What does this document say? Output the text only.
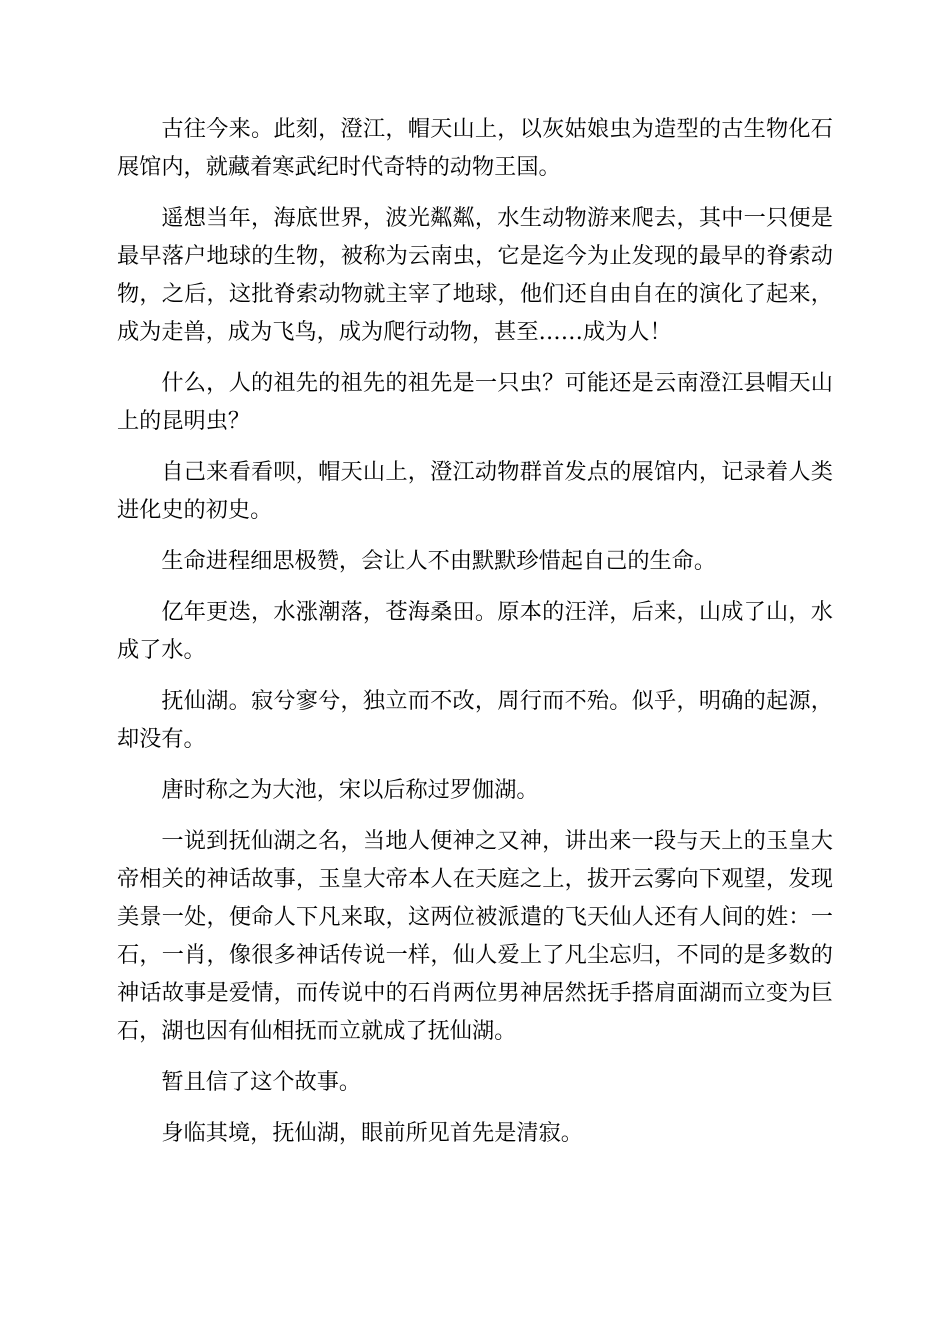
古往今来。此刻，澄江，帽天山上，以灰姑娘虫为造型的古生物化石展馆内，就藏着寒武纪时代奇特的动物王国。

遥想当年，海底世界，波光粼粼，水生动物游来爬去，其中一只便是最早落户地球的生物，被称为云南虫，它是迄今为止发现的最早的脊索动物，之后，这批脊索动物就主宰了地球，他们还自由自在的演化了起来，成为走兽，成为飞鸟，成为爬行动物，甚至……成为人！

什么，人的祖先的祖先的祖先是一只虫？可能还是云南澄江县帽天山上的昆明虫？

自己来看看呗，帽天山上，澄江动物群首发点的展馆内，记录着人类进化史的初史。

生命进程细思极赞，会让人不由默默珍惜起自己的生命。

亿年更迭，水涨潮落，苍海桑田。原本的汪洋，后来，山成了山，水成了水。

抚仙湖。寂兮寥兮，独立而不改，周行而不殆。似乎，明确的起源，却没有。

唐时称之为大池，宋以后称过罗伽湖。

一说到抚仙湖之名，当地人便神之又神，讲出来一段与天上的玉皇大帝相关的神话故事，玉皇大帝本人在天庭之上，拔开云雾向下观望，发现美景一处，便命人下凡来取，这两位被派遣的飞天仙人还有人间的姓：一石，一肖，像很多神话传说一样，仙人爱上了凡尘忘归，不同的是多数的神话故事是爱情，而传说中的石肖两位男神居然抚手搭肩面湖而立变为巨石，湖也因有仙相抚而立就成了抚仙湖。

暂且信了这个故事。

身临其境，抚仙湖，眼前所见首先是清寂。
